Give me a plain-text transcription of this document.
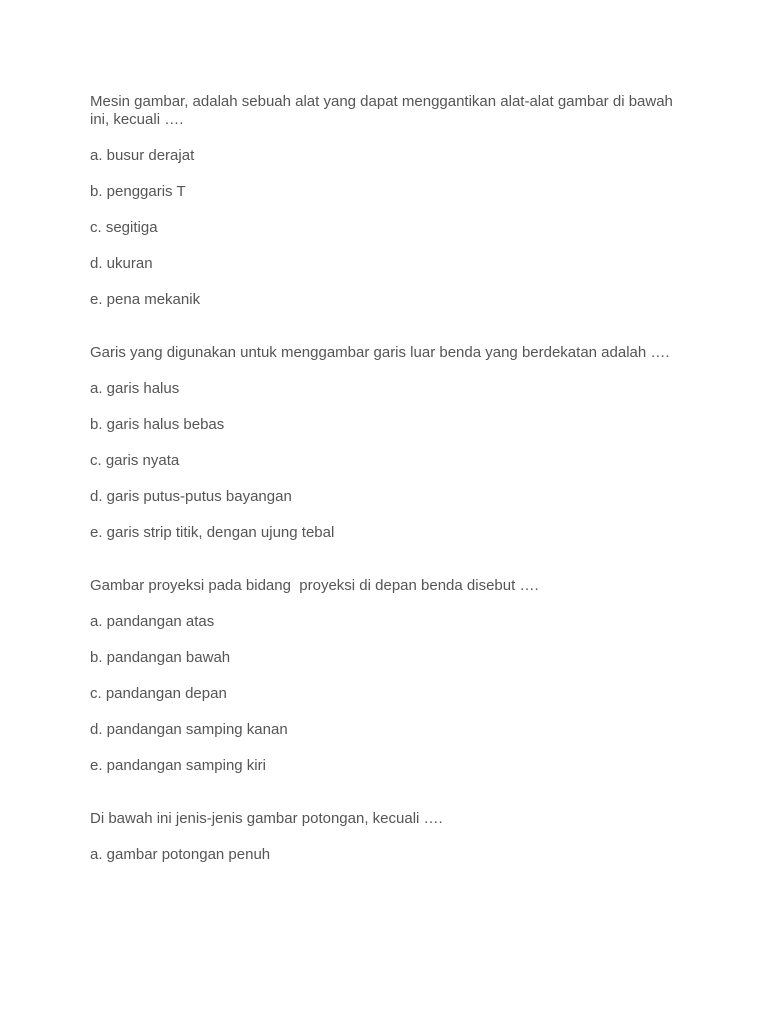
Mesin gambar, adalah sebuah alat yang dapat menggantikan alat-alat gambar di bawah ini, kecuali ….

a. busur derajat

b. penggaris T

c. segitiga

d. ukuran

e. pena mekanik

Garis yang digunakan untuk menggambar garis luar benda yang berdekatan adalah ….

a. garis halus

b. garis halus bebas

c. garis nyata

d. garis putus-putus bayangan

e. garis strip titik, dengan ujung tebal

Gambar proyeksi pada bidang  proyeksi di depan benda disebut ….

a. pandangan atas

b. pandangan bawah

c. pandangan depan

d. pandangan samping kanan

e. pandangan samping kiri

Di bawah ini jenis-jenis gambar potongan, kecuali ….

a. gambar potongan penuh
